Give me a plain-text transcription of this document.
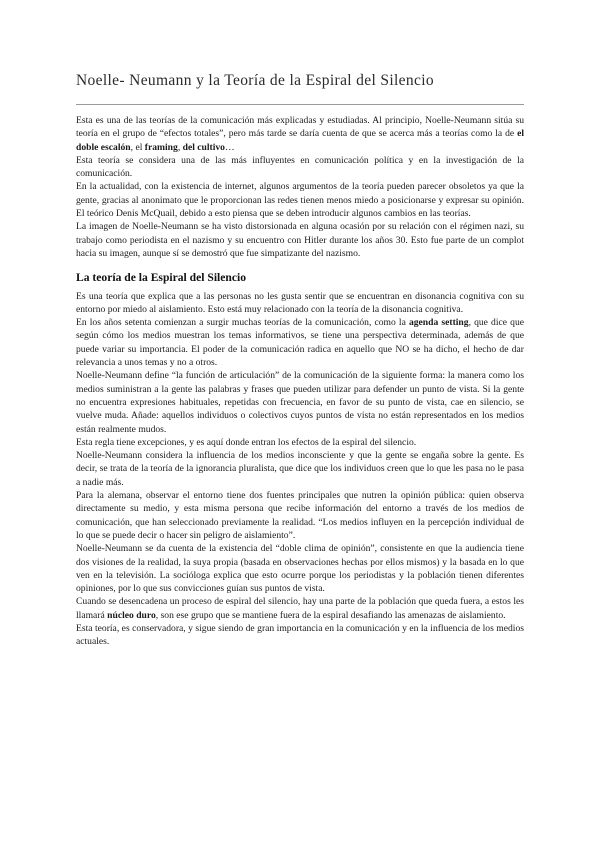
Noelle- Neumann y la Teoría de la Espiral del Silencio

Esta es una de las teorías de la comunicación más explicadas y estudiadas. Al principio, Noelle-Neumann sitúa su teoría en el grupo de “efectos totales”, pero más tarde se daría cuenta de que se acerca más a teorías como la de el doble escalón, el framing, del cultivo…

Esta teoría se considera una de las más influyentes en comunicación política y en la investigación de la comunicación.

En la actualidad, con la existencia de internet, algunos argumentos de la teoría pueden parecer obsoletos ya que la gente, gracias al anonimato que le proporcionan las redes tienen menos miedo a posicionarse y expresar su opinión. El teórico Denis McQuail, debido a esto piensa que se deben introducir algunos cambios en las teorías.

La imagen de Noelle-Neumann se ha visto distorsionada en alguna ocasión por su relación con el régimen nazi, su trabajo como periodista en el nazismo y su encuentro con Hitler durante los años 30. Esto fue parte de un complot hacia su imagen, aunque sí se demostró que fue simpatizante del nazismo.

La teoría de la Espiral del Silencio

Es una teoría que explica que a las personas no les gusta sentir que se encuentran en disonancia cognitiva con su entorno por miedo al aislamiento. Esto está muy relacionado con la teoría de la disonancia cognitiva.

En los años setenta comienzan a surgir muchas teorías de la comunicación, como la agenda setting, que dice que según cómo los medios muestran los temas informativos, se tiene una perspectiva determinada, además de que puede variar su importancia. El poder de la comunicación radica en aquello que NO se ha dicho, el hecho de dar relevancia a unos temas y no a otros.

Noelle-Neumann define “la función de articulación” de la comunicación de la siguiente forma: la manera como los medios suministran a la gente las palabras y frases que pueden utilizar para defender un punto de vista. Si la gente no encuentra expresiones habituales, repetidas con frecuencia, en favor de su punto de vista, cae en silencio, se vuelve muda. Añade: aquellos individuos o colectivos cuyos puntos de vista no están representados en los medios están realmente mudos.

Esta regla tiene excepciones, y es aquí donde entran los efectos de la espiral del silencio.

Noelle-Neumann considera la influencia de los medios inconsciente y que la gente se engaña sobre la gente. Es decir, se trata de la teoría de la ignorancia pluralista, que dice que los individuos creen que lo que les pasa no le pasa a nadie más.

Para la alemana, observar el entorno tiene dos fuentes principales que nutren la opinión pública: quien observa directamente su medio, y esta misma persona que recibe información del entorno a través de los medios de comunicación, que han seleccionado previamente la realidad. “Los medios influyen en la percepción individual de lo que se puede decir o hacer sin peligro de aislamiento”.

Noelle-Neumann se da cuenta de la existencia del “doble clima de opinión”, consistente en que la audiencia tiene dos visiones de la realidad, la suya propia (basada en observaciones hechas por ellos mismos) y la basada en lo que ven en la televisión. La socióloga explica que esto ocurre porque los periodistas y la población tienen diferentes opiniones, por lo que sus convicciones guían sus puntos de vista.

Cuando se desencadena un proceso de espiral del silencio, hay una parte de la población que queda fuera, a estos les llamará núcleo duro, son ese grupo que se mantiene fuera de la espiral desafiando las amenazas de aislamiento.

Esta teoría, es conservadora, y sigue siendo de gran importancia en la comunicación y en la influencia de los medios actuales.
